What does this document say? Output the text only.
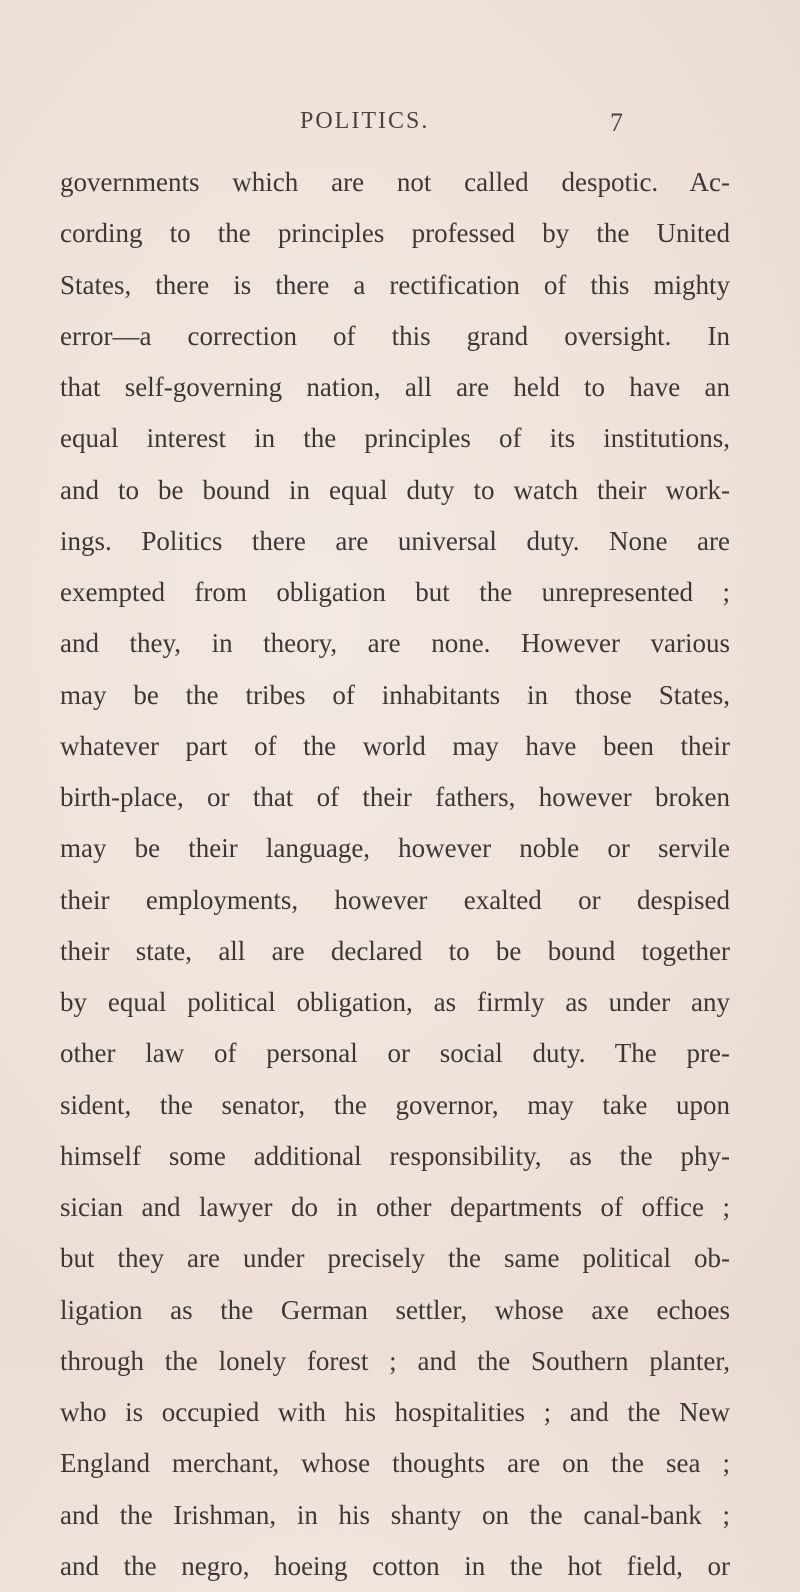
POLITICS.	7
governments which are not called despotic. Ac-
cording to the principles professed by the United
States, there is there a rectification of this mighty
error—a correction of this grand oversight. In
that self-governing nation, all are held to have an
equal interest in the principles of its institutions,
and to be bound in equal duty to watch their work-
ings. Politics there are universal duty. None are
exempted from obligation but the unrepresented ;
and they, in theory, are none. However various
may be the tribes of inhabitants in those States,
whatever part of the world may have been their
birth-place, or that of their fathers, however broken
may be their language, however noble or servile
their employments, however exalted or despised
their state, all are declared to be bound together
by equal political obligation, as firmly as under any
other law of personal or social duty. The pre-
sident, the senator, the governor, may take upon
himself some additional responsibility, as the phy-
sician and lawyer do in other departments of office ;
but they are under precisely the same political ob-
ligation as the German settler, whose axe echoes
through the lonely forest ; and the Southern planter,
who is occupied with his hospitalities ; and the New
England merchant, whose thoughts are on the sea ;
and the Irishman, in his shanty on the canal-bank ;
and the negro, hoeing cotton in the hot field, or
